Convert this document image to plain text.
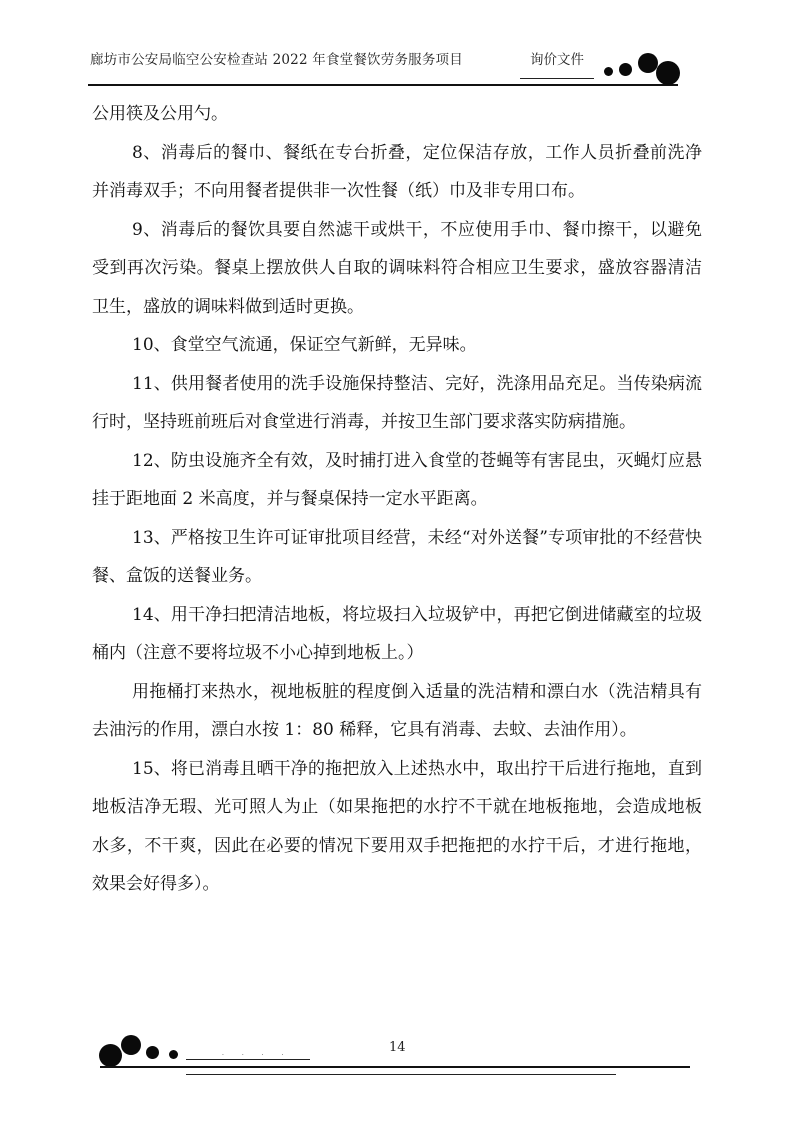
廊坊市公安局临空公安检查站 2022 年食堂餐饮劳务服务项目	询价文件

公用筷及公用勺。

8、消毒后的餐巾、餐纸在专台折叠，定位保洁存放，工作人员折叠前洗净并消毒双手；不向用餐者提供非一次性餐（纸）巾及非专用口布。

9、消毒后的餐饮具要自然滤干或烘干，不应使用手巾、餐巾擦干，以避免受到再次污染。餐桌上摆放供人自取的调味料符合相应卫生要求，盛放容器清洁卫生，盛放的调味料做到适时更换。

10、食堂空气流通，保证空气新鲜，无异味。

11、供用餐者使用的洗手设施保持整洁、完好，洗涤用品充足。当传染病流行时，坚持班前班后对食堂进行消毒，并按卫生部门要求落实防病措施。

12、防虫设施齐全有效，及时捕打进入食堂的苍蝇等有害昆虫，灭蝇灯应悬挂于距地面 2 米高度，并与餐桌保持一定水平距离。

13、严格按卫生许可证审批项目经营，未经“对外送餐”专项审批的不经营快餐、盒饭的送餐业务。

14、用干净扫把清洁地板，将垃圾扫入垃圾铲中，再把它倒进储藏室的垃圾桶内（注意不要将垃圾不小心掉到地板上。）

用拖桶打来热水，视地板脏的程度倒入适量的洗洁精和漂白水（洗洁精具有去油污的作用，漂白水按 1：80 稀释，它具有消毒、去蚊、去油作用）。

15、将已消毒且晒干净的拖把放入上述热水中，取出拧干后进行拖地，直到地板洁净无瑕、光可照人为止（如果拖把的水拧不干就在地板拖地，会造成地板水多，不干爽，因此在必要的情况下要用双手把拖把的水拧干后，才进行拖地，效果会好得多）。

. . . .	14
